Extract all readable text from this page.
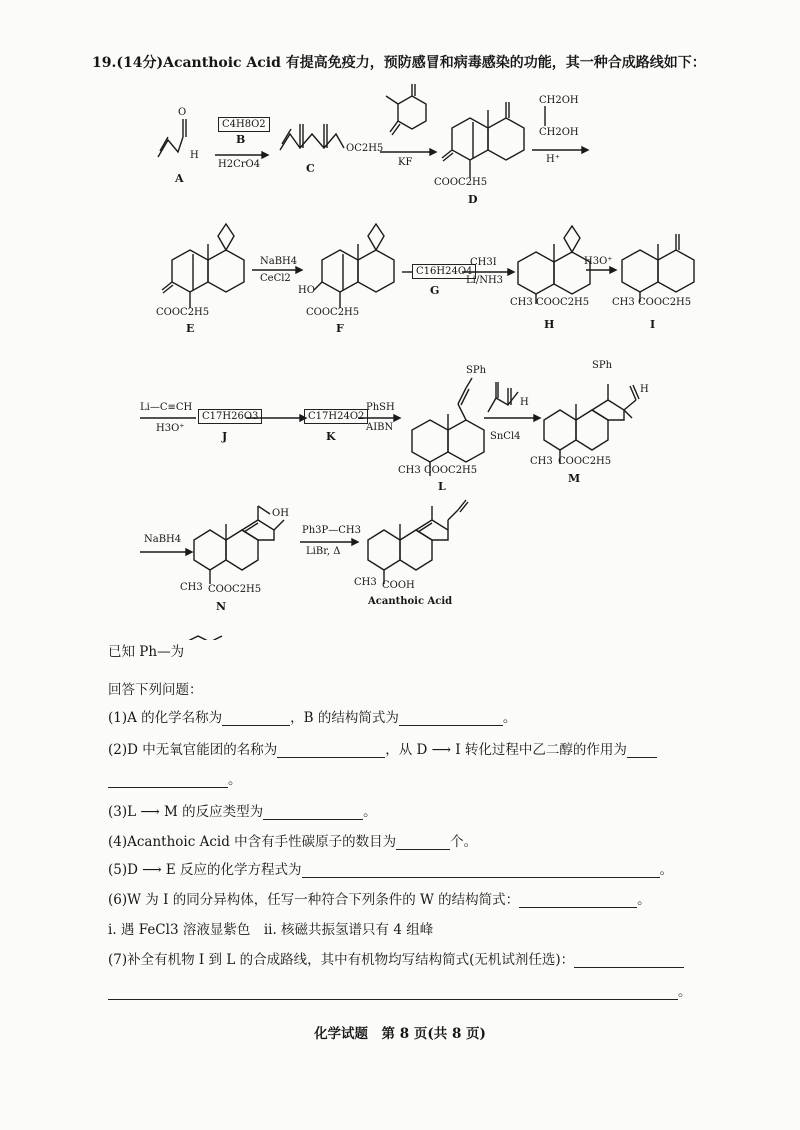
19.(14分)Acanthoic Acid 有提高免疫力，预防感冒和病毒感染的功能，其一种合成路线如下：
A
H
O
C4H8O2
B
H2CrO4
OC2H5
C	KF
COOC2H5
D
CH2OH
CH2OH
H⁺
COOC2H5
E
NaBH4
CeCl2
HO
COOC2H5
F
C16H24O4
G
CH3I
Li/NH3
CH3 COOC2H5
H
H3O⁺
CH3 COOC2H5
I
Li—C≡CH
H3O⁺
C17H26O3
J
C17H24O2
K
PhSH
AIBN
SPh
CH3 COOC2H5
L
H
SnCl4
SPh
H
CH3 COOC2H5
M
NaBH4
OH
CH3 COOC2H5
N
Ph3P—CH3
LiBr, Δ
CH3 COOH
Acanthoic Acid
已知 Ph—为
回答下列问题：
(1)A 的化学名称为	，B 的结构简式为	。
(2)D 中无氧官能团的名称为	，从 D ⟶ I 转化过程中乙二醇的作用为
。
(3)L ⟶ M 的反应类型为	。
(4)Acanthoic Acid 中含有手性碳原子的数目为	个。
(5)D ⟶ E 反应的化学方程式为	。
(6)W 为 I 的同分异构体，任写一种符合下列条件的 W 的结构简式：	。
i. 遇 FeCl3 溶液显紫色　ii. 核磁共振氢谱只有 4 组峰
(7)补全有机物 I 到 L 的合成路线，其中有机物均写结构简式(无机试剂任选)：
。
化学试题　第 8 页(共 8 页)
